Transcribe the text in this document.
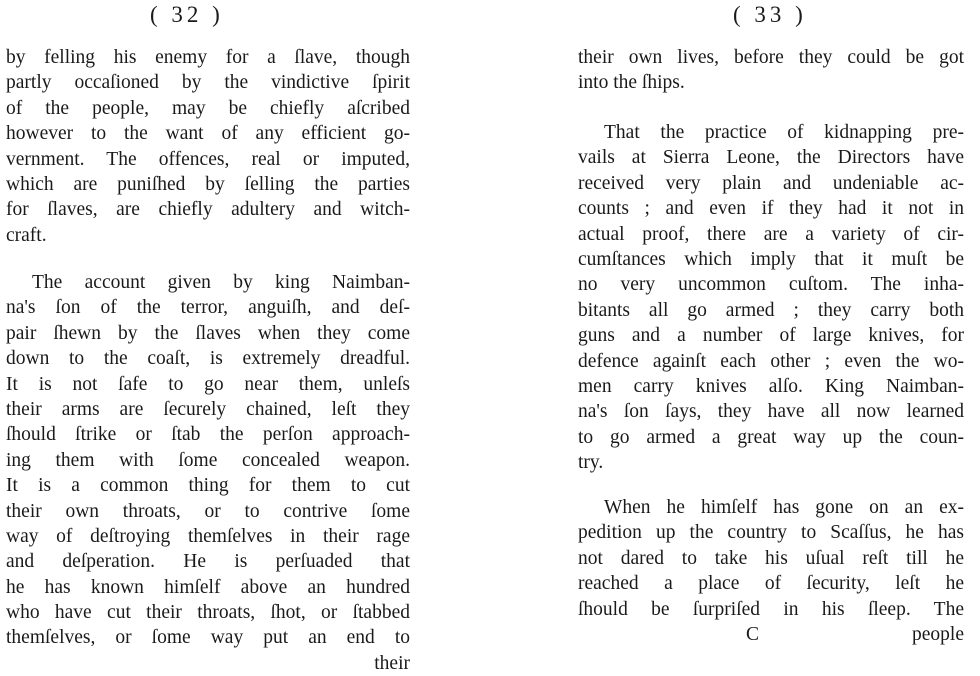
( 32 )
by felling his enemy for a ſlave, though
partly occaſioned by the vindictive ſpirit
of the people, may be chiefly aſcribed
however to the want of any efficient go-
vernment. The offences, real or imputed,
which are puniſhed by ſelling the parties
for ſlaves, are chiefly adultery and witch-
craft.
The account given by king Naimban-
na's ſon of the terror, anguiſh, and deſ-
pair ſhewn by the ſlaves when they come
down to the coaſt, is extremely dreadful.
It is not ſafe to go near them, unleſs
their arms are ſecurely chained, leſt they
ſhould ſtrike or ſtab the perſon approach-
ing them with ſome concealed weapon.
It is a common thing for them to cut
their own throats, or to contrive ſome
way of deſtroying themſelves in their rage
and deſperation. He is perſuaded that
he has known himſelf above an hundred
who have cut their throats, ſhot, or ſtabbed
themſelves, or ſome way put an end to
their
( 33 )
their own lives, before they could be got
into the ſhips.
That the practice of kidnapping pre-
vails at Sierra Leone, the Directors have
received very plain and undeniable ac-
counts ; and even if they had it not in
actual proof, there are a variety of cir-
cumſtances which imply that it muſt be
no very uncommon cuſtom. The inha-
bitants all go armed ; they carry both
guns and a number of large knives, for
defence againſt each other ; even the wo-
men carry knives alſo. King Naimban-
na's ſon ſays, they have all now learned
to go armed a great way up the coun-
try.
When he himſelf has gone on an ex-
pedition up the country to Scaſſus, he has
not dared to take his uſual reſt till he
reached a place of ſecurity, leſt he
ſhould be ſurpriſed in his ſleep. The
C	people
